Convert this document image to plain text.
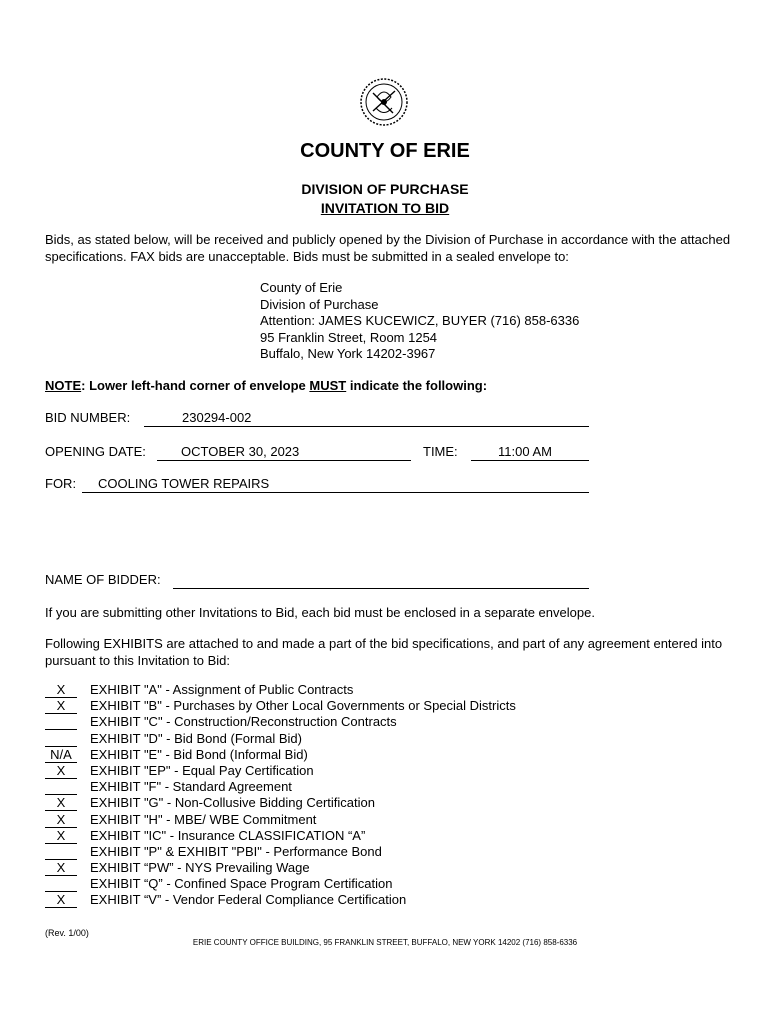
COUNTY OF ERIE
DIVISION OF PURCHASE
INVITATION TO BID
Bids, as stated below, will be received and publicly opened by the Division of Purchase in accordance with the attached specifications. FAX bids are unacceptable. Bids must be submitted in a sealed envelope to:
County of Erie
Division of Purchase
Attention: JAMES KUCEWICZ, BUYER (716) 858-6336
95 Franklin Street, Room 1254
Buffalo, New York 14202-3967
NOTE: Lower left-hand corner of envelope MUST indicate the following:
BID NUMBER:	230294-002
OPENING DATE:	OCTOBER 30, 2023	TIME:	11:00 AM
FOR: COOLING TOWER REPAIRS
NAME OF BIDDER:
If you are submitting other Invitations to Bid, each bid must be enclosed in a separate envelope.
Following EXHIBITS are attached to and made a part of the bid specifications, and part of any agreement entered into pursuant to this Invitation to Bid:
X	EXHIBIT "A" - Assignment of Public Contracts
X	EXHIBIT "B" - Purchases by Other Local Governments or Special Districts
EXHIBIT "C" - Construction/Reconstruction Contracts
EXHIBIT "D" - Bid Bond (Formal Bid)
N/A	EXHIBIT "E" - Bid Bond (Informal Bid)
X	EXHIBIT "EP" - Equal Pay Certification
EXHIBIT "F" - Standard Agreement
X	EXHIBIT "G" - Non-Collusive Bidding Certification
X	EXHIBIT "H" - MBE/ WBE Commitment
X	EXHIBIT "IC" - Insurance CLASSIFICATION “A”
EXHIBIT "P" & EXHIBIT "PBI" - Performance Bond
X	EXHIBIT “PW” - NYS Prevailing Wage
EXHIBIT “Q” - Confined Space Program Certification
X	EXHIBIT “V” - Vendor Federal Compliance Certification
(Rev. 1/00)
ERIE COUNTY OFFICE BUILDING, 95 FRANKLIN STREET, BUFFALO, NEW YORK 14202 (716) 858-6336
